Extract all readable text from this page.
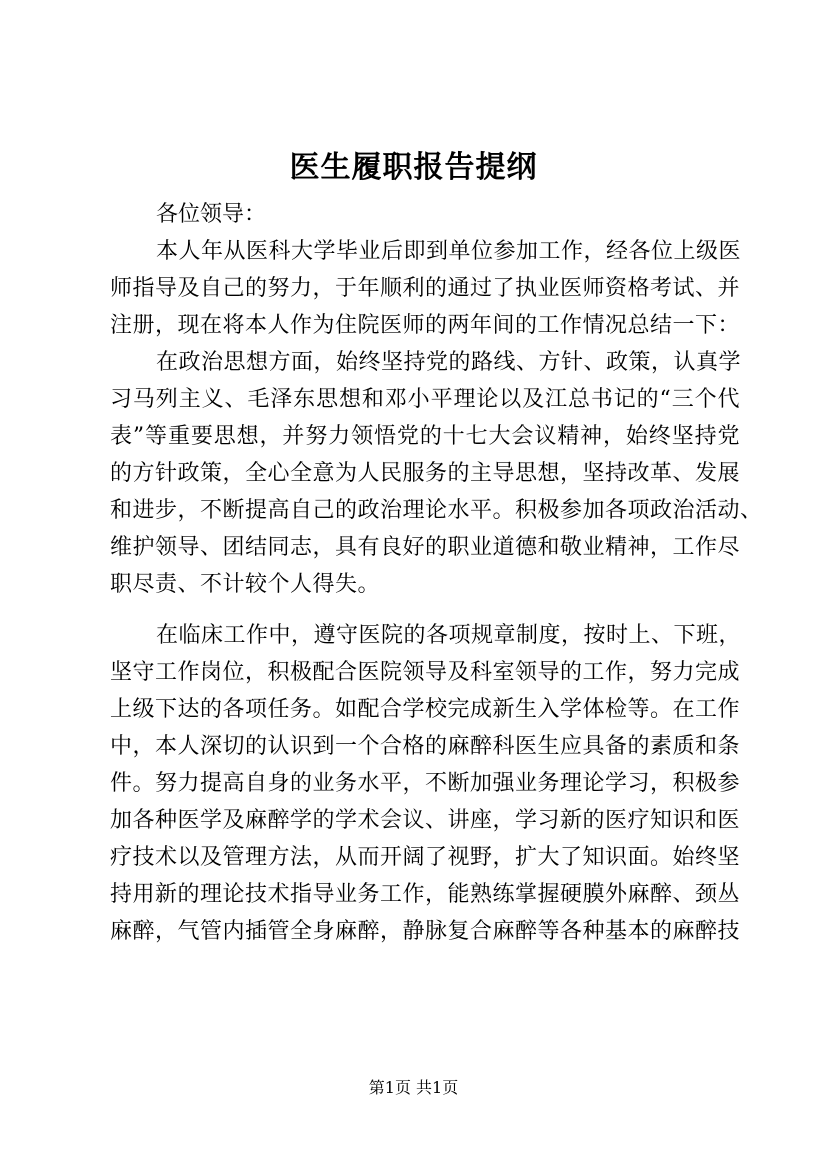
医生履职报告提纲

各位领导：

本人年从医科大学毕业后即到单位参加工作，经各位上级医
师指导及自己的努力，于年顺利的通过了执业医师资格考试、并
注册，现在将本人作为住院医师的两年间的工作情况总结一下：
在政治思想方面，始终坚持党的路线、方针、政策，认真学
习马列主义、毛泽东思想和邓小平理论以及江总书记的“三个代
表”等重要思想，并努力领悟党的十七大会议精神，始终坚持党
的方针政策，全心全意为人民服务的主导思想，坚持改革、发展
和进步，不断提高自己的政治理论水平。积极参加各项政治活动、
维护领导、团结同志，具有良好的职业道德和敬业精神，工作尽
职尽责、不计较个人得失。
在临床工作中，遵守医院的各项规章制度，按时上、下班，
坚守工作岗位，积极配合医院领导及科室领导的工作，努力完成
上级下达的各项任务。如配合学校完成新生入学体检等。在工作
中，本人深切的认识到一个合格的麻醉科医生应具备的素质和条
件。努力提高自身的业务水平，不断加强业务理论学习，积极参
加各种医学及麻醉学的学术会议、讲座，学习新的医疗知识和医
疗技术以及管理方法，从而开阔了视野，扩大了知识面。始终坚
持用新的理论技术指导业务工作，能熟练掌握硬膜外麻醉、颈丛
麻醉，气管内插管全身麻醉，静脉复合麻醉等各种基本的麻醉技
第1页 共1页
